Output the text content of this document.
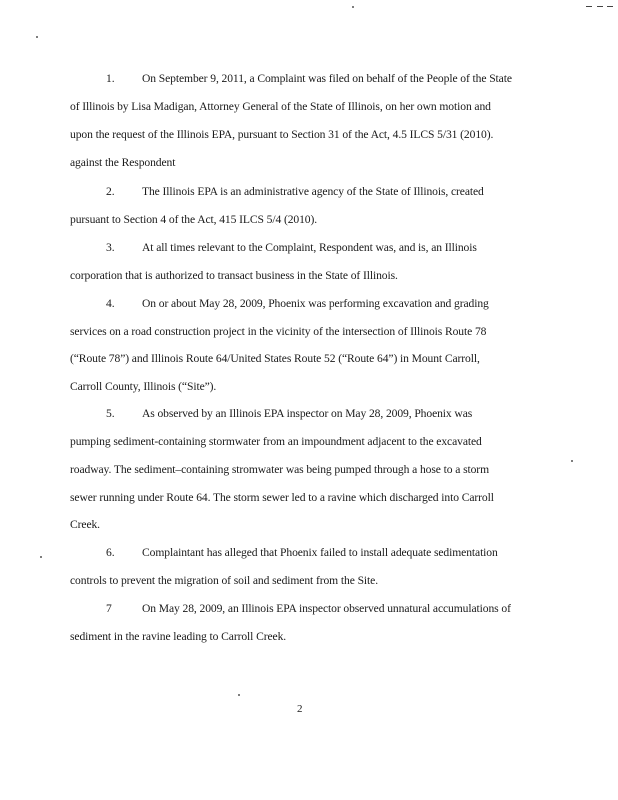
1. On September 9, 2011, a Complaint was filed on behalf of the People of the State
of Illinois by Lisa Madigan, Attorney General of the State of Illinois, on her own motion and
upon the request of the Illinois EPA, pursuant to Section 31 of the Act, 4.5 ILCS 5/31 (2010).
against the Respondent
2. The Illinois EPA is an administrative agency of the State of Illinois, created
pursuant to Section 4 of the Act, 415 ILCS 5/4 (2010).
3. At all times relevant to the Complaint, Respondent was, and is, an Illinois
corporation that is authorized to transact business in the State of Illinois.
4. On or about May 28, 2009, Phoenix was performing excavation and grading
services on a road construction project in the vicinity of the intersection of Illinois Route 78
(“Route 78”) and Illinois Route 64/United States Route 52 (“Route 64”) in Mount Carroll,
Carroll County, Illinois (“Site”).
5. As observed by an Illinois EPA inspector on May 28, 2009, Phoenix was
pumping sediment-containing stormwater from an impoundment adjacent to the excavated
roadway. The sediment–containing stromwater was being pumped through a hose to a storm
sewer running under Route 64. The storm sewer led to a ravine which discharged into Carroll
Creek.
6. Complaintant has alleged that Phoenix failed to install adequate sedimentation
controls to prevent the migration of soil and sediment from the Site.
7	On May 28, 2009, an Illinois EPA inspector observed unnatural accumulations of
sediment in the ravine leading to Carroll Creek.
2
